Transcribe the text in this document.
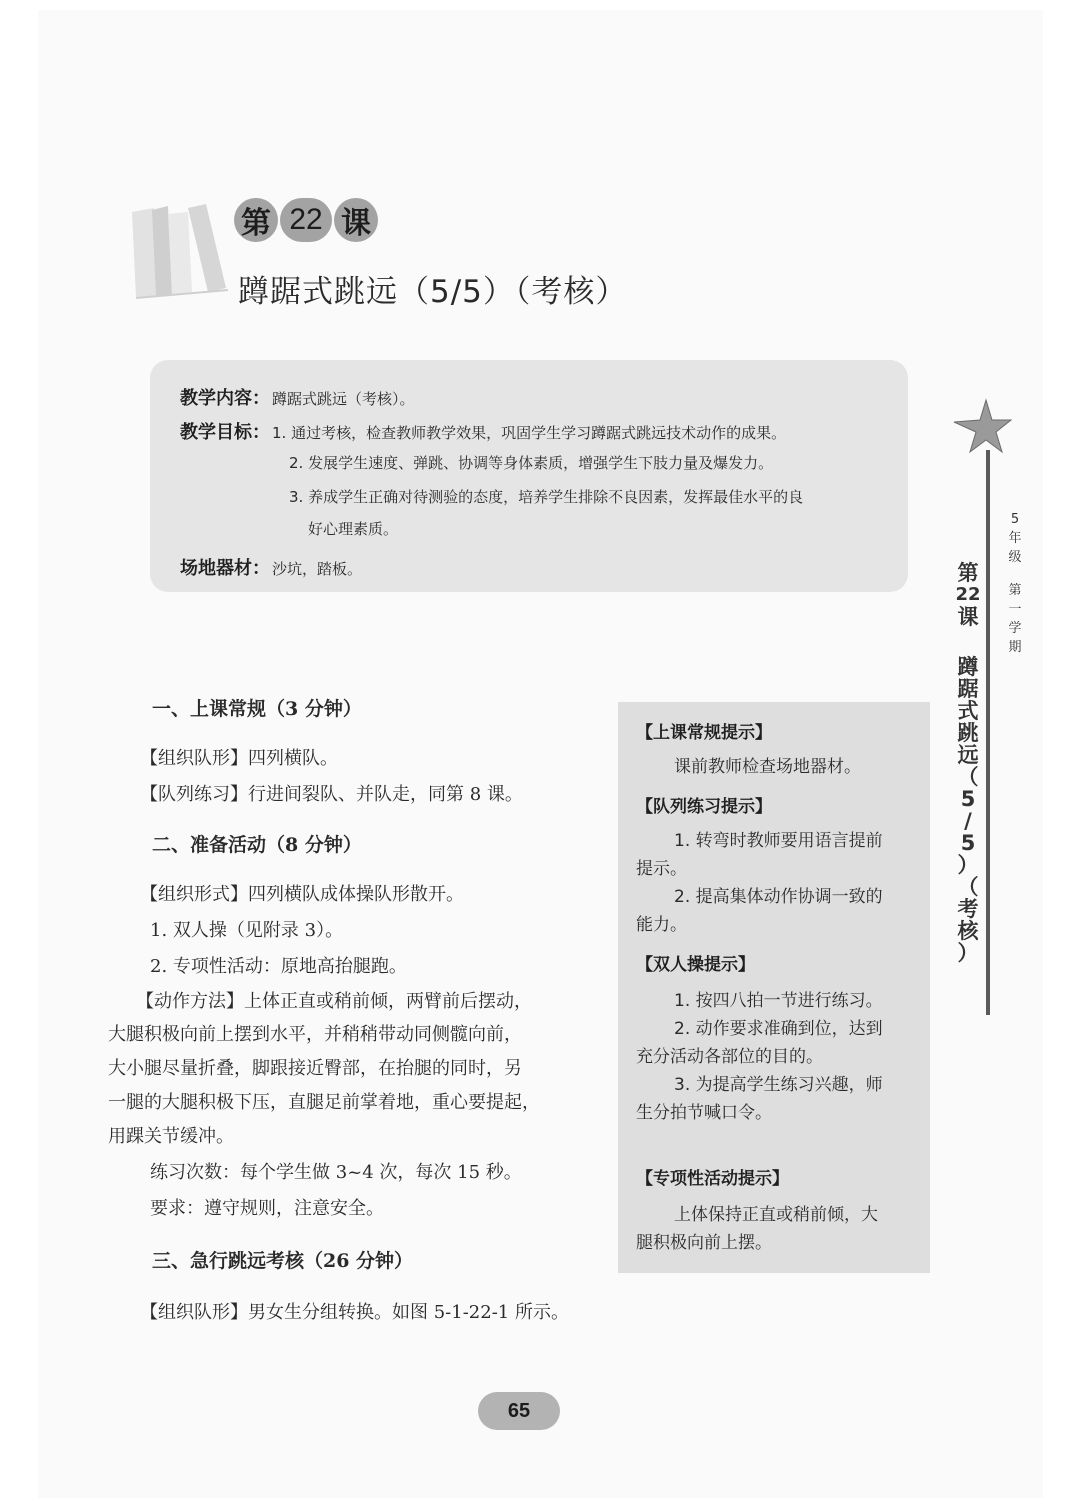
第 22 课
蹲踞式跳远（5/5）（考核）
教学内容： 蹲踞式跳远（考核）。
教学目标： 1. 通过考核，检查教师教学效果，巩固学生学习蹲踞式跳远技术动作的成果。
2. 发展学生速度、弹跳、协调等身体素质，增强学生下肢力量及爆发力。
3. 养成学生正确对待测验的态度，培养学生排除不良因素，发挥最佳水平的良
好心理素质。
场地器材： 沙坑，踏板。
5
年
级
第
一
学
期
第
22
课
蹲
踞
式
跳
远
（
5
/
5
）
（
考
核
）
一、上课常规（3 分钟）
【组织队形】四列横队。
【队列练习】行进间裂队、并队走，同第 8 课。
二、准备活动（8 分钟）
【组织形式】四列横队成体操队形散开。
1. 双人操（见附录 3）。
2. 专项性活动：原地高抬腿跑。
【动作方法】上体正直或稍前倾，两臂前后摆动，
大腿积极向前上摆到水平，并稍稍带动同侧髋向前，
大小腿尽量折叠，脚跟接近臀部，在抬腿的同时，另
一腿的大腿积极下压，直腿足前掌着地，重心要提起，
用踝关节缓冲。
练习次数：每个学生做 3~4 次，每次 15 秒。
要求：遵守规则，注意安全。
三、急行跳远考核（26 分钟）
【组织队形】男女生分组转换。如图 5-1-22-1 所示。
【上课常规提示】
课前教师检查场地器材。
【队列练习提示】
1. 转弯时教师要用语言提前
提示。
2. 提高集体动作协调一致的
能力。
【双人操提示】
1. 按四八拍一节进行练习。
2. 动作要求准确到位，达到
充分活动各部位的目的。
3. 为提高学生练习兴趣，师
生分拍节喊口令。
【专项性活动提示】
上体保持正直或稍前倾，大
腿积极向前上摆。
65
